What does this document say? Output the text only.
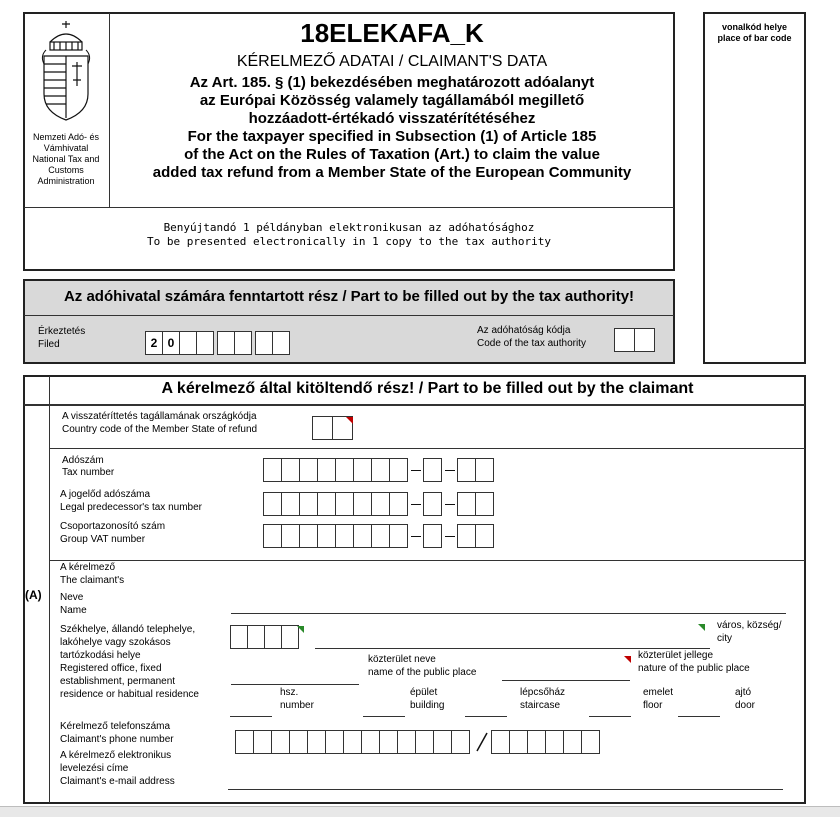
Nemzeti Adó- és
Vámhivatal
National Tax and
Customs
Administration
18ELEKAFA_K
KÉRELMEZŐ ADATAI / CLAIMANT'S DATA
Az Art. 185. § (1) bekezdésében meghatározott adóalanyt
az Európai Közösség valamely tagállamából megillető
hozzáadott-értékadó visszatérítétéséhez
For the taxpayer specified in Subsection (1) of Article 185
of the Act on the Rules of Taxation (Art.) to claim the value
added tax refund from a Member State of the European Community
Benyújtandó 1 példányban elektronikusan az adóhatósághoz
To be presented electronically in 1 copy to the tax authority
vonalkód helye
place of bar code
Az adóhivatal számára fenntartott rész / Part to be filled out by the tax authority!
Érkeztetés
Filed	2 0
Az adóhatóság kódja
Code of the tax authority
A kérelmező által kitöltendő rész! / Part to be filled out by the claimant
(A)
A visszatéríttetés tagállamának országkódja
Country code of the Member State of refund
Adószám
Tax number
A jogelőd adószáma
Legal predecessor's tax number
Csoportazonosító szám
Group VAT number
A kérelmező
The claimant's
Neve
Name
Székhelye, állandó telephelye,
lakóhelye vagy szokásos
tartózkodási helye
Registered office, fixed
establishment, permanent
residence or habitual residence
város, község/
city
közterület neve
name of the public place
közterület jellege
nature of the public place
hsz.
number
épület
building
lépcsőház
staircase
emelet
floor
ajtó
door
Kérelmező telefonszáma
Claimant's phone number
A kérelmező elektronikus
levelezési címe
Claimant's e-mail address
